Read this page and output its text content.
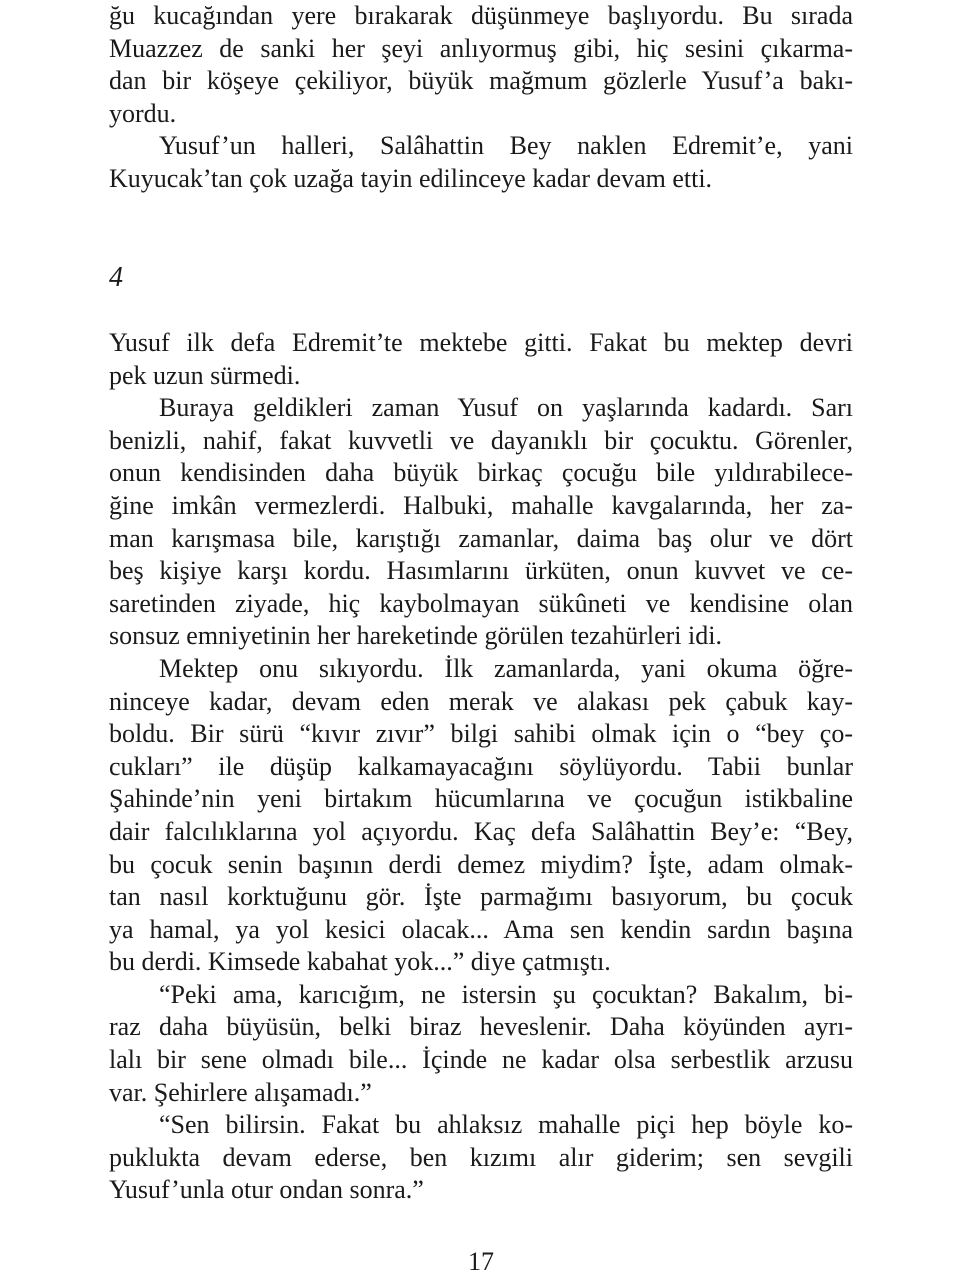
ğu kucağından yere bırakarak düşünmeye başlıyordu. Bu sırada
Muazzez de sanki her şeyi anlıyormuş gibi, hiç sesini çıkarma-
dan bir köşeye çekiliyor, büyük mağmum gözlerle Yusuf’a bakı-
yordu.
Yusuf’un halleri, Salâhattin Bey naklen Edremit’e, yani
Kuyucak’tan çok uzağa tayin edilinceye kadar devam etti.
4
Yusuf ilk defa Edremit’te mektebe gitti. Fakat bu mektep devri
pek uzun sürmedi.
Buraya geldikleri zaman Yusuf on yaşlarında kadardı. Sarı
benizli, nahif, fakat kuvvetli ve dayanıklı bir çocuktu. Görenler,
onun kendisinden daha büyük birkaç çocuğu bile yıldırabilece-
ğine imkân vermezlerdi. Halbuki, mahalle kavgalarında, her za-
man karışmasa bile, karıştığı zamanlar, daima baş olur ve dört
beş kişiye karşı kordu. Hasımlarını ürküten, onun kuvvet ve ce-
saretinden ziyade, hiç kaybolmayan sükûneti ve kendisine olan
sonsuz emniyetinin her hareketinde görülen tezahürleri idi.
Mektep onu sıkıyordu. İlk zamanlarda, yani okuma öğre-
ninceye kadar, devam eden merak ve alakası pek çabuk kay-
boldu. Bir sürü “kıvır zıvır” bilgi sahibi olmak için o “bey ço-
cukları” ile düşüp kalkamayacağını söylüyordu. Tabii bunlar
Şahinde’nin yeni birtakım hücumlarına ve çocuğun istikbaline
dair falcılıklarına yol açıyordu. Kaç defa Salâhattin Bey’e: “Bey,
bu çocuk senin başının derdi demez miydim? İşte, adam olmak-
tan nasıl korktuğunu gör. İşte parmağımı basıyorum, bu çocuk
ya hamal, ya yol kesici olacak... Ama sen kendin sardın başına
bu derdi. Kimsede kabahat yok...” diye çatmıştı.
“Peki ama, karıcığım, ne istersin şu çocuktan? Bakalım, bi-
raz daha büyüsün, belki biraz heveslenir. Daha köyünden ayrı-
lalı bir sene olmadı bile... İçinde ne kadar olsa serbestlik arzusu
var. Şehirlere alışamadı.”
“Sen bilirsin. Fakat bu ahlaksız mahalle piçi hep böyle ko-
puklukta devam ederse, ben kızımı alır giderim; sen sevgili
Yusuf’unla otur ondan sonra.”
17
